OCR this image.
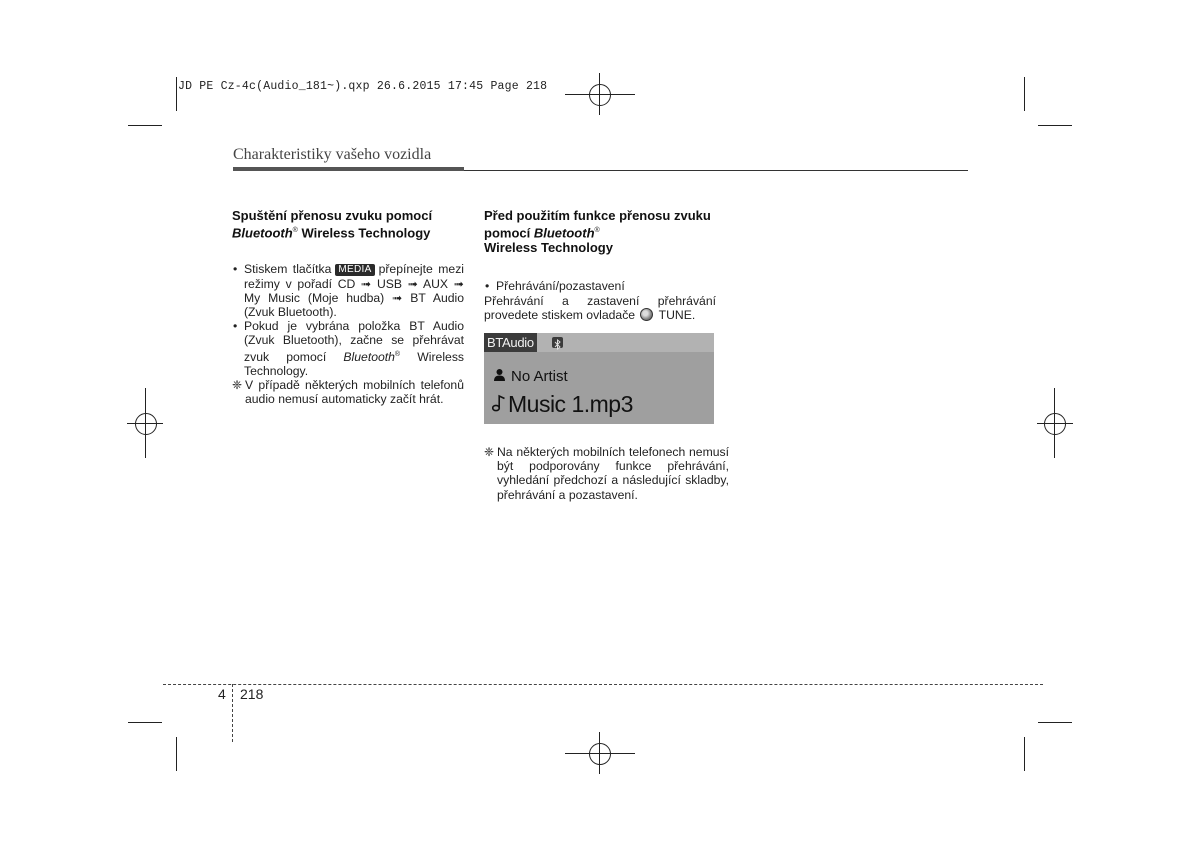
JD PE Cz-4c(Audio_181~).qxp 26.6.2015 17:45 Page 218
Charakteristiky vašeho vozidla
Spuštění přenosu zvuku pomocí
Bluetooth® Wireless Technology
• Stiskem tlačítka MEDIA přepínejte mezi režimy v pořadí CD ➟ USB ➟ AUX ➟ My Music (Moje hudba) ➟ BT Audio (Zvuk Bluetooth).
• Pokud je vybrána položka BT Audio (Zvuk Bluetooth), začne se přehrávat zvuk pomocí Bluetooth® Wireless Technology.
❈ V případě některých mobilních telefonů audio nemusí automaticky začít hrát.
Před použitím funkce přenosu zvuku pomocí Bluetooth®
Wireless Technology
• Přehrávání/pozastavení
Přehrávání a zastavení přehrávání provedete stiskem ovladače TUNE.
BTAudio
No Artist
Music 1.mp3
❈ Na některých mobilních telefonech nemusí být podporovány funkce přehrávání, vyhledání předchozí a následující skladby, přehrávání a pozastavení.
4 218
